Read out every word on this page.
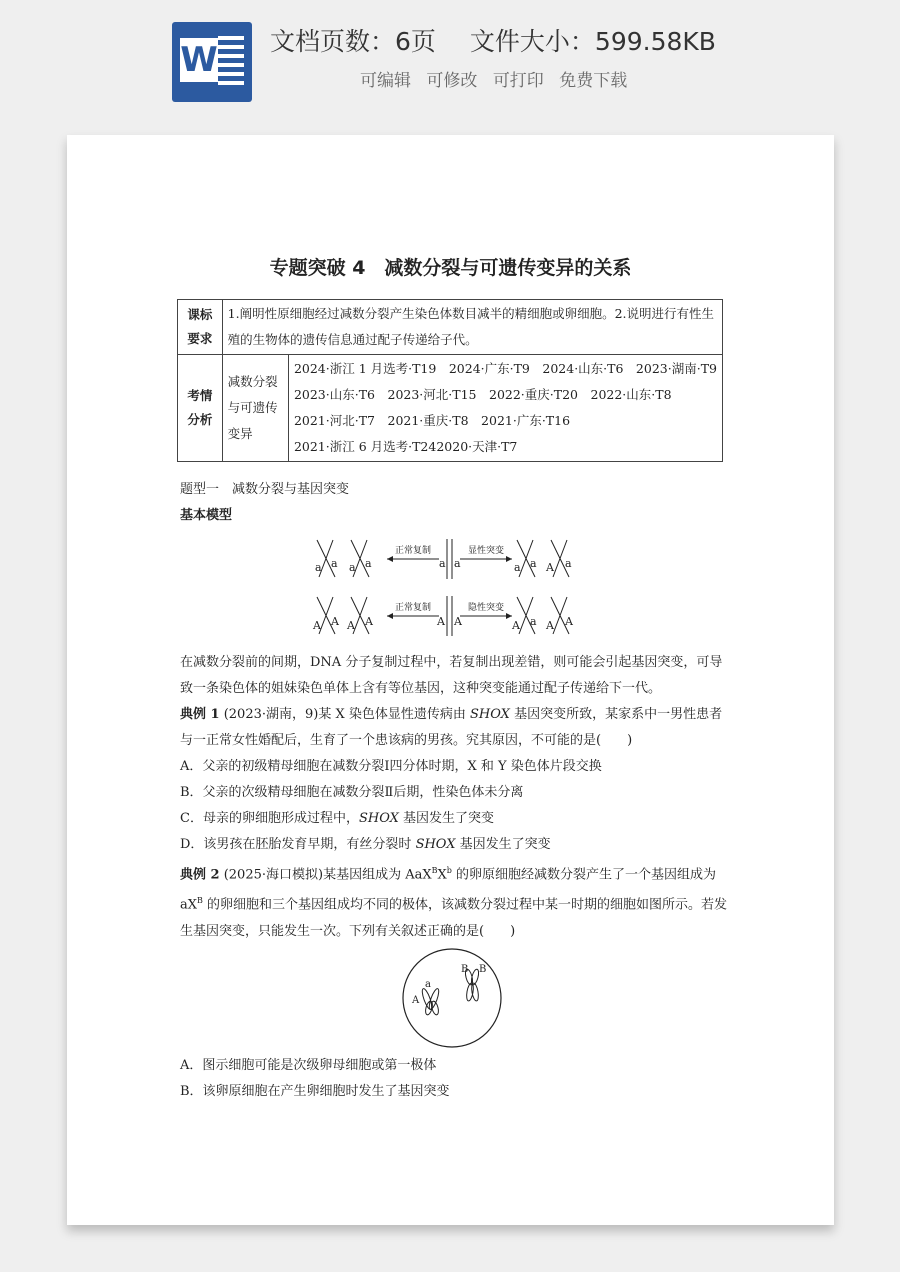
W 文档页数：6页 文件大小：599.58KB
可编辑 可修改 可打印 免费下载
专题突破 4　减数分裂与可遗传变异的关系
课标要求	1.阐明性原细胞经过减数分裂产生染色体数目减半的精细胞或卵细胞。2.说明进行有性生殖的生物体的遗传信息通过配子传递给子代。	
考情分析	减数分裂与可遗传变异	2024·浙江 1 月选考·T19　2024·广东·T9　2024·山东·T6　2023·湖南·T9
2023·山东·T6　2023·河北·T15　2022·重庆·T20　2022·山东·T8
2021·河北·T7　2021·重庆·T8　2021·广东·T16
2021·浙江 6 月选考·T242020·天津·T7

题型一　减数分裂与基因突变

基本模型

正常复制	显性突变
正常复制	隐性突变
a a a a	a a	a a A a
A A A A	A A	A a A A

在减数分裂前的间期，DNA 分子复制过程中，若复制出现差错，则可能会引起基因突变，可导致一条染色体的姐妹染色单体上含有等位基因，这种突变能通过配子传递给下一代。

典例 1 (2023·湖南，9)某 X 染色体显性遗传病由 SHOX 基因突变所致，某家系中一男性患者与一正常女性婚配后，生育了一个患该病的男孩。究其原因，不可能的是(　　)

A．父亲的初级精母细胞在减数分裂Ⅰ四分体时期，X 和 Y 染色体片段交换

B．父亲的次级精母细胞在减数分裂Ⅱ后期，性染色体未分离

C．母亲的卵细胞形成过程中，SHOX 基因发生了突变

D．该男孩在胚胎发育早期，有丝分裂时 SHOX 基因发生了突变

典例 2 (2025·海口模拟)某基因组成为 $AaX^BX^b$ 的卵原细胞经减数分裂产生了一个基因组成为 $aX^B$ 的卵细胞和三个基因组成均不同的极体，该减数分裂过程中某一时期的细胞如图所示。若发生基因突变，只能发生一次。下列有关叙述正确的是(　　)

A
a
B B

A．图示细胞可能是次级卵母细胞或第一极体

B．该卵原细胞在产生卵细胞时发生了基因突变
